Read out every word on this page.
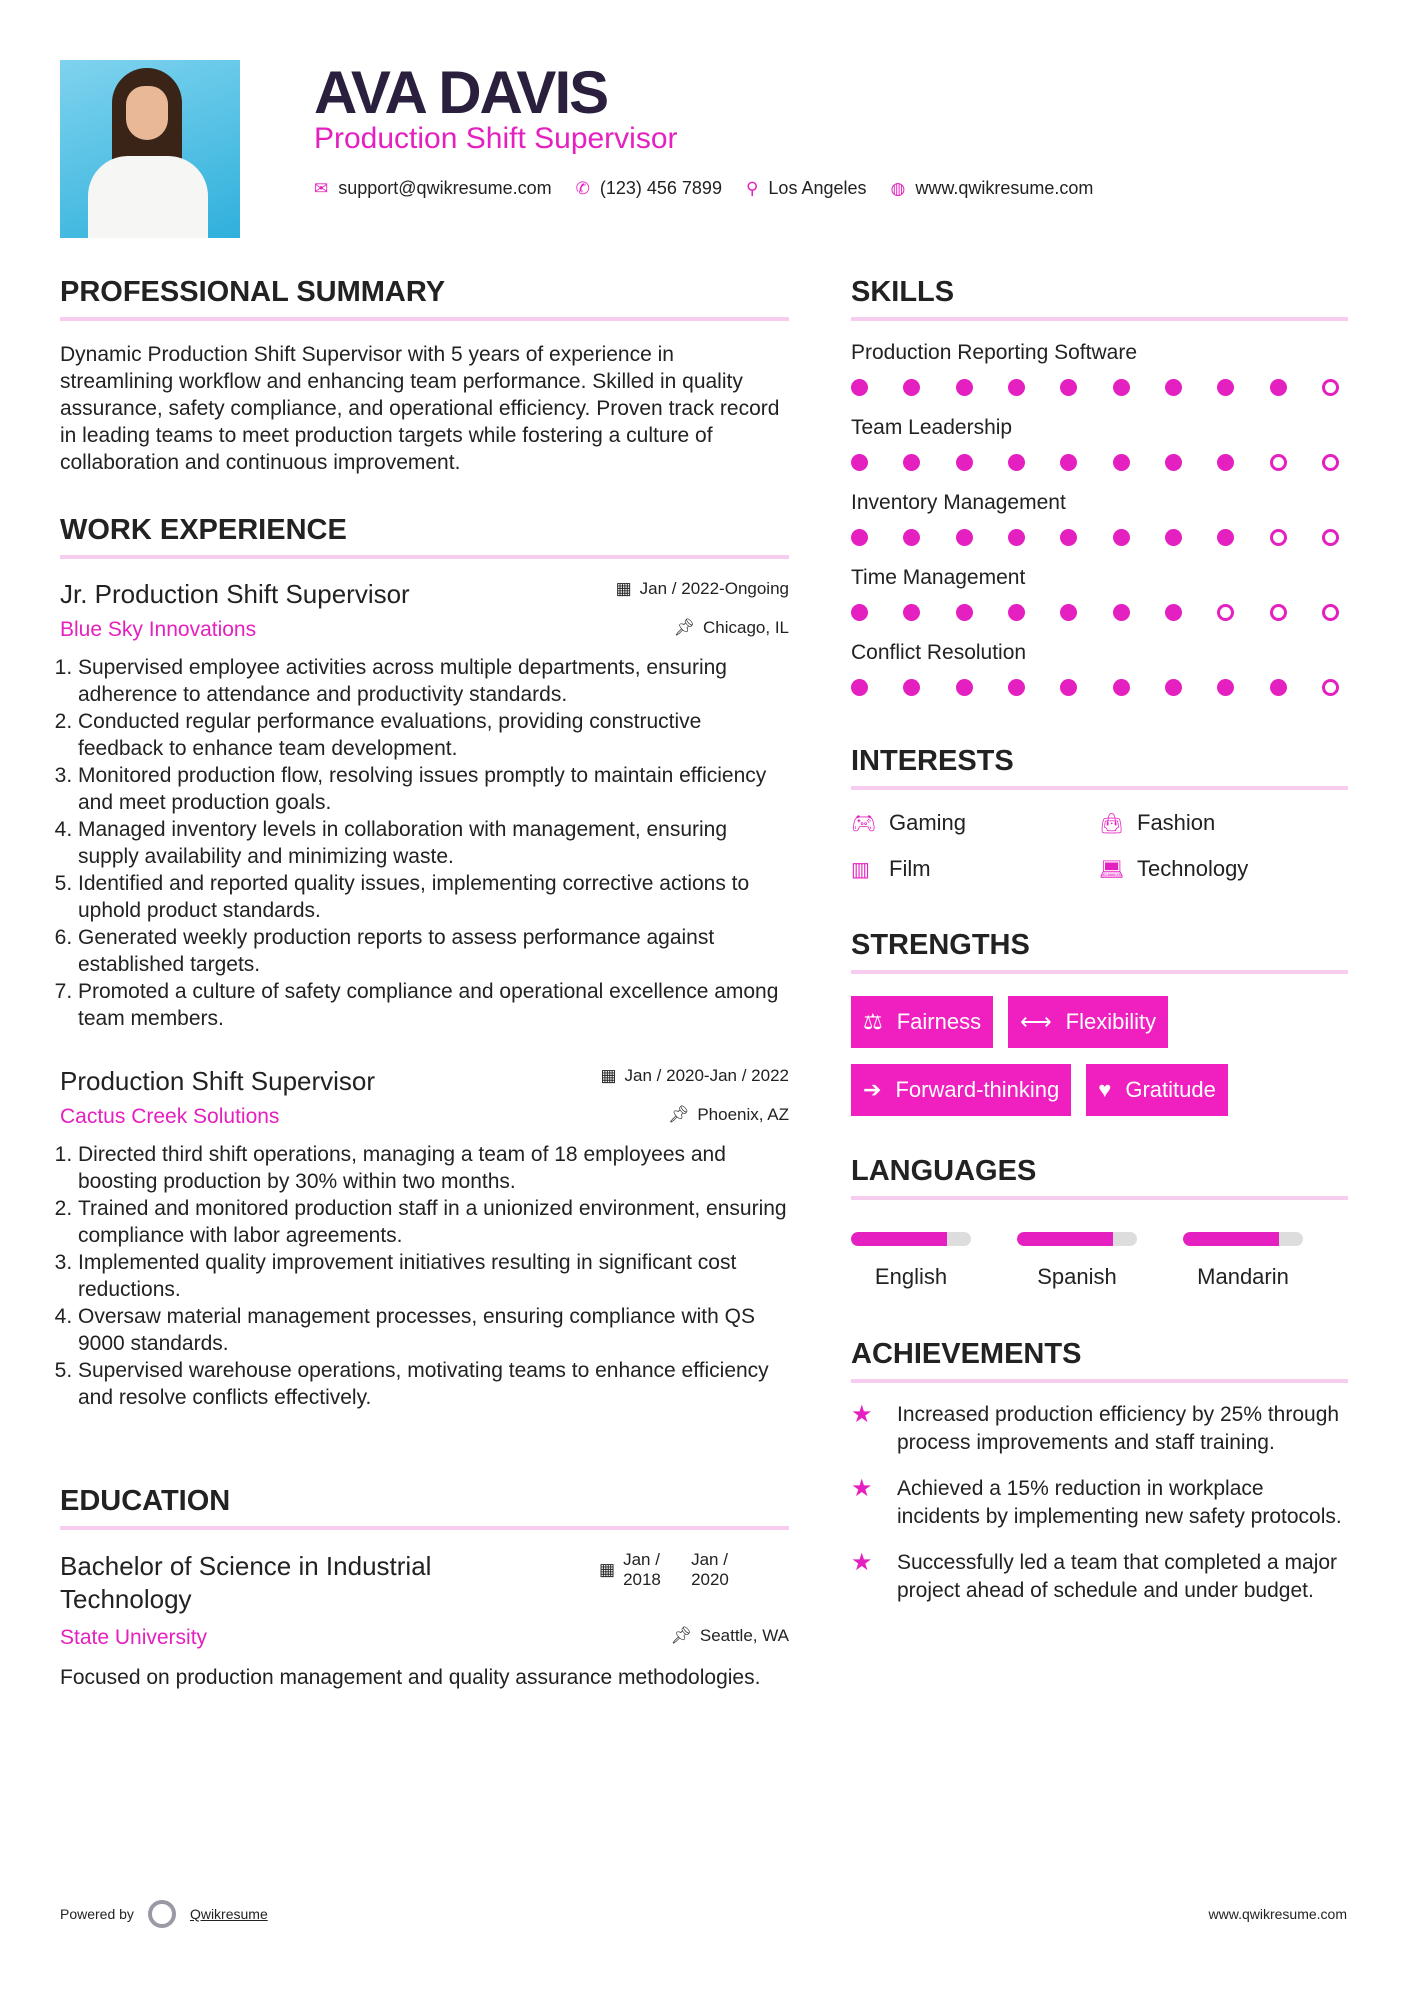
AVA DAVIS
Production Shift Supervisor
✉ support@qwikresume.com ✆ (123) 456 7899 ⚲ Los Angeles ◍ www.qwikresume.com
PROFESSIONAL SUMMARY

Dynamic Production Shift Supervisor with 5 years of experience in streamlining workflow and enhancing team performance. Skilled in quality assurance, safety compliance, and operational efficiency. Proven track record in leading teams to meet production targets while fostering a culture of collaboration and continuous improvement.

WORK EXPERIENCE
Jr. Production Shift Supervisor	▦ Jan / 2022-Ongoing
Blue Sky Innovations	📌︎ Chicago, IL
1. Supervised employee activities across multiple departments, ensuring adherence to attendance and productivity standards.
2. Conducted regular performance evaluations, providing constructive feedback to enhance team development.
3. Monitored production flow, resolving issues promptly to maintain efficiency and meet production goals.
4. Managed inventory levels in collaboration with management, ensuring supply availability and minimizing waste.
5. Identified and reported quality issues, implementing corrective actions to uphold product standards.
6. Generated weekly production reports to assess performance against established targets.
7. Promoted a culture of safety compliance and operational excellence among team members.
Production Shift Supervisor	▦ Jan / 2020-Jan / 2022
Cactus Creek Solutions	📌︎ Phoenix, AZ
1. Directed third shift operations, managing a team of 18 employees and boosting production by 30% within two months.
2. Trained and monitored production staff in a unionized environment, ensuring compliance with labor agreements.
3. Implemented quality improvement initiatives resulting in significant cost reductions.
4. Oversaw material management processes, ensuring compliance with QS 9000 standards.
5. Supervised warehouse operations, motivating teams to enhance efficiency and resolve conflicts effectively.
EDUCATION
Bachelor of Science in Industrial Technology
▦
Jan / 2018
Jan / 2020
State University	📌︎ Seattle, WA

Focused on production management and quality assurance methodologies.

SKILLS
Production Reporting Software
Team Leadership
Inventory Management
Time Management
Conflict Resolution
INTERESTS
🎮︎ Gaming	👜︎ Fashion
▥ Film	💻︎ Technology
STRENGTHS
⚖ Fairness ⟷ Flexibility
➔ Forward-thinking ♥ Gratitude
LANGUAGES
English	Spanish	Mandarin
ACHIEVEMENTS
★	Increased production efficiency by 25% through process improvements and staff training.
★	Achieved a 15% reduction in workplace incidents by implementing new safety protocols.
★	Successfully led a team that completed a major project ahead of schedule and under budget.
Powered by	Qwikresume	www.qwikresume.com
